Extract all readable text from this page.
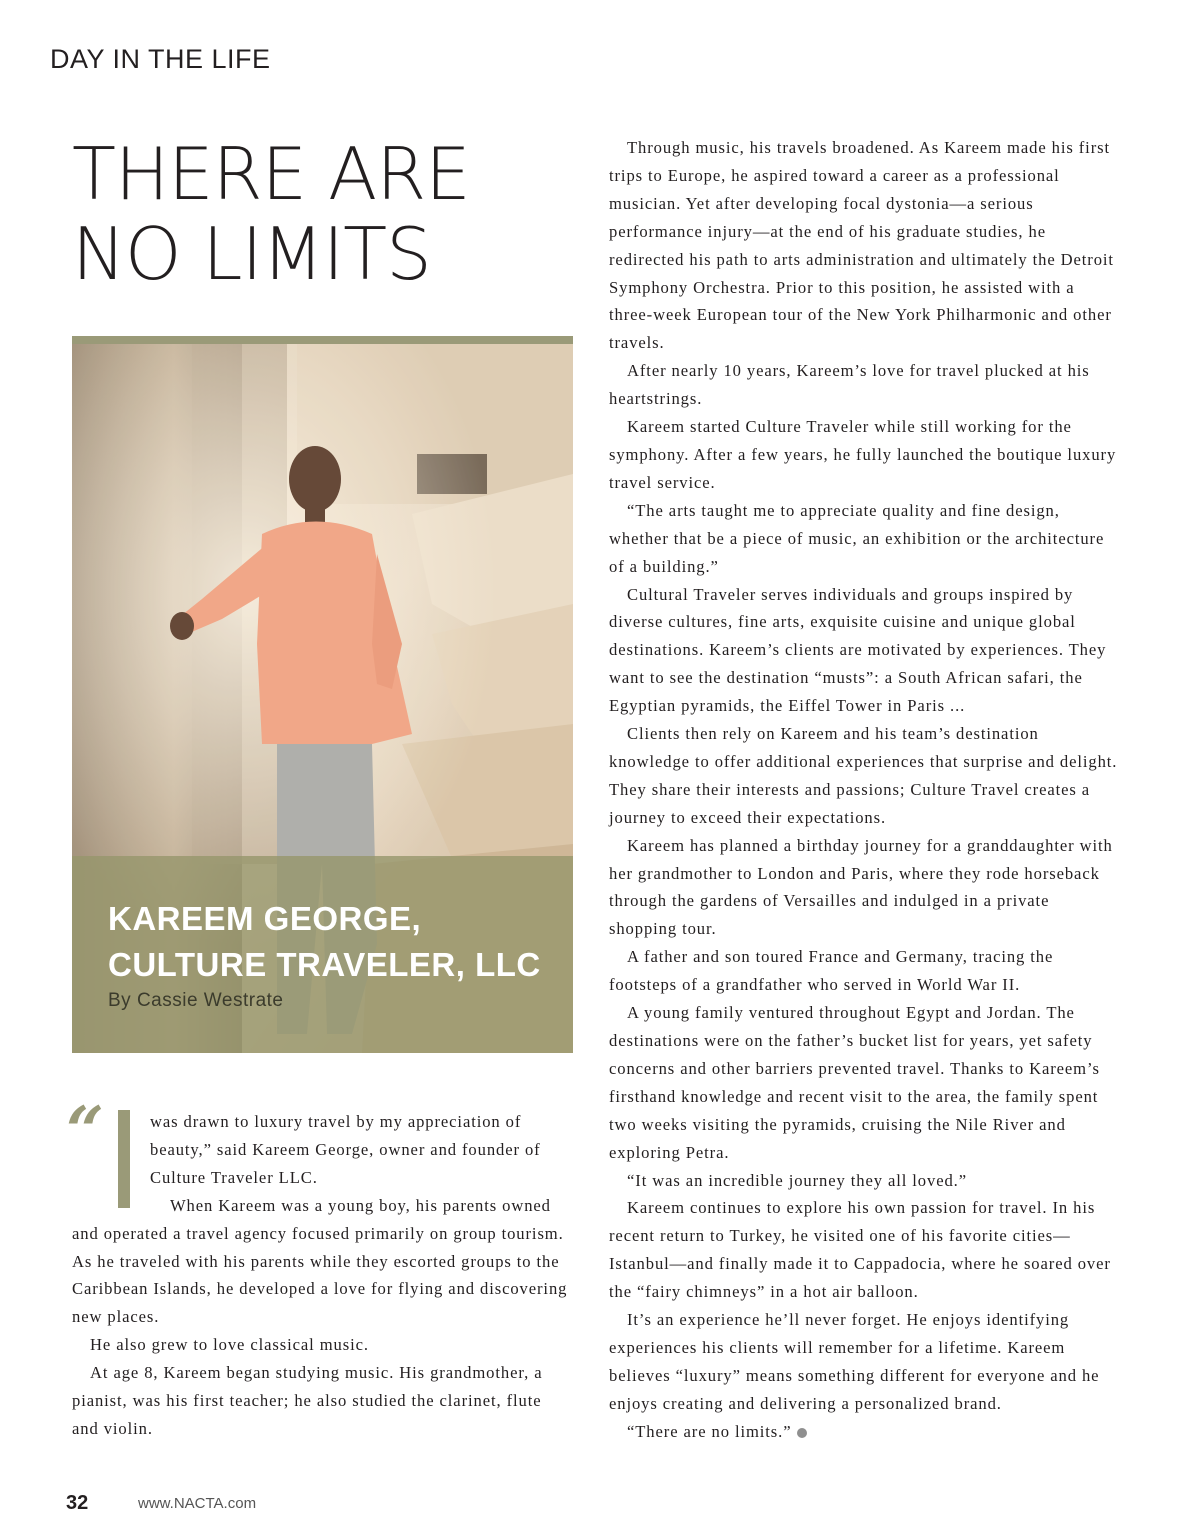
DAY IN THE LIFE
THERE ARE
NO LIMITS
KAREEM GEORGE,
CULTURE TRAVELER, LLC
By Cassie Westrate
“	was drawn to luxury travel by my appreciation of beauty,” said Kareem George, owner and founder of Culture Traveler LLC.

When Kareem was a young boy, his parents owned and operated a travel agency focused primarily on group tourism. As he traveled with his parents while they escorted groups to the Caribbean Islands, he developed a love for flying and discovering new places.

He also grew to love classical music.

At age 8, Kareem began studying music. His grandmother, a pianist, was his first teacher; he also studied the clarinet, flute and violin.

Through music, his travels broadened. As Kareem made his first trips to Europe, he aspired toward a career as a professional musician. Yet after developing focal dystonia—a serious performance injury—at the end of his graduate studies, he redirected his path to arts administration and ultimately the Detroit Symphony Orchestra. Prior to this position, he assisted with a three-week European tour of the New York Philharmonic and other travels.

After nearly 10 years, Kareem’s love for travel plucked at his heartstrings.

Kareem started Culture Traveler while still working for the symphony. After a few years, he fully launched the boutique luxury travel service.

“The arts taught me to appreciate quality and fine design, whether that be a piece of music, an exhibition or the architecture of a building.”

Cultural Traveler serves individuals and groups inspired by diverse cultures, fine arts, exquisite cuisine and unique global destinations. Kareem’s clients are motivated by experiences. They want to see the destination “musts”: a South African safari, the Egyptian pyramids, the Eiffel Tower in Paris ...

Clients then rely on Kareem and his team’s destination knowledge to offer additional experiences that surprise and delight. They share their interests and passions; Culture Travel creates a journey to exceed their expectations.

Kareem has planned a birthday journey for a granddaughter with her grandmother to London and Paris, where they rode horseback through the gardens of Versailles and indulged in a private shopping tour.

A father and son toured France and Germany, tracing the footsteps of a grandfather who served in World War II.

A young family ventured throughout Egypt and Jordan. The destinations were on the father’s bucket list for years, yet safety concerns and other barriers prevented travel. Thanks to Kareem’s firsthand knowledge and recent visit to the area, the family spent two weeks visiting the pyramids, cruising the Nile River and exploring Petra.

“It was an incredible journey they all loved.”

Kareem continues to explore his own passion for travel. In his recent return to Turkey, he visited one of his favorite cities—Istanbul—and finally made it to Cappadocia, where he soared over the “fairy chimneys” in a hot air balloon.

It’s an experience he’ll never forget. He enjoys identifying experiences his clients will remember for a lifetime. Kareem believes “luxury” means something different for everyone and he enjoys creating and delivering a personalized brand.

“There are no limits.”

32	www.NACTA.com
